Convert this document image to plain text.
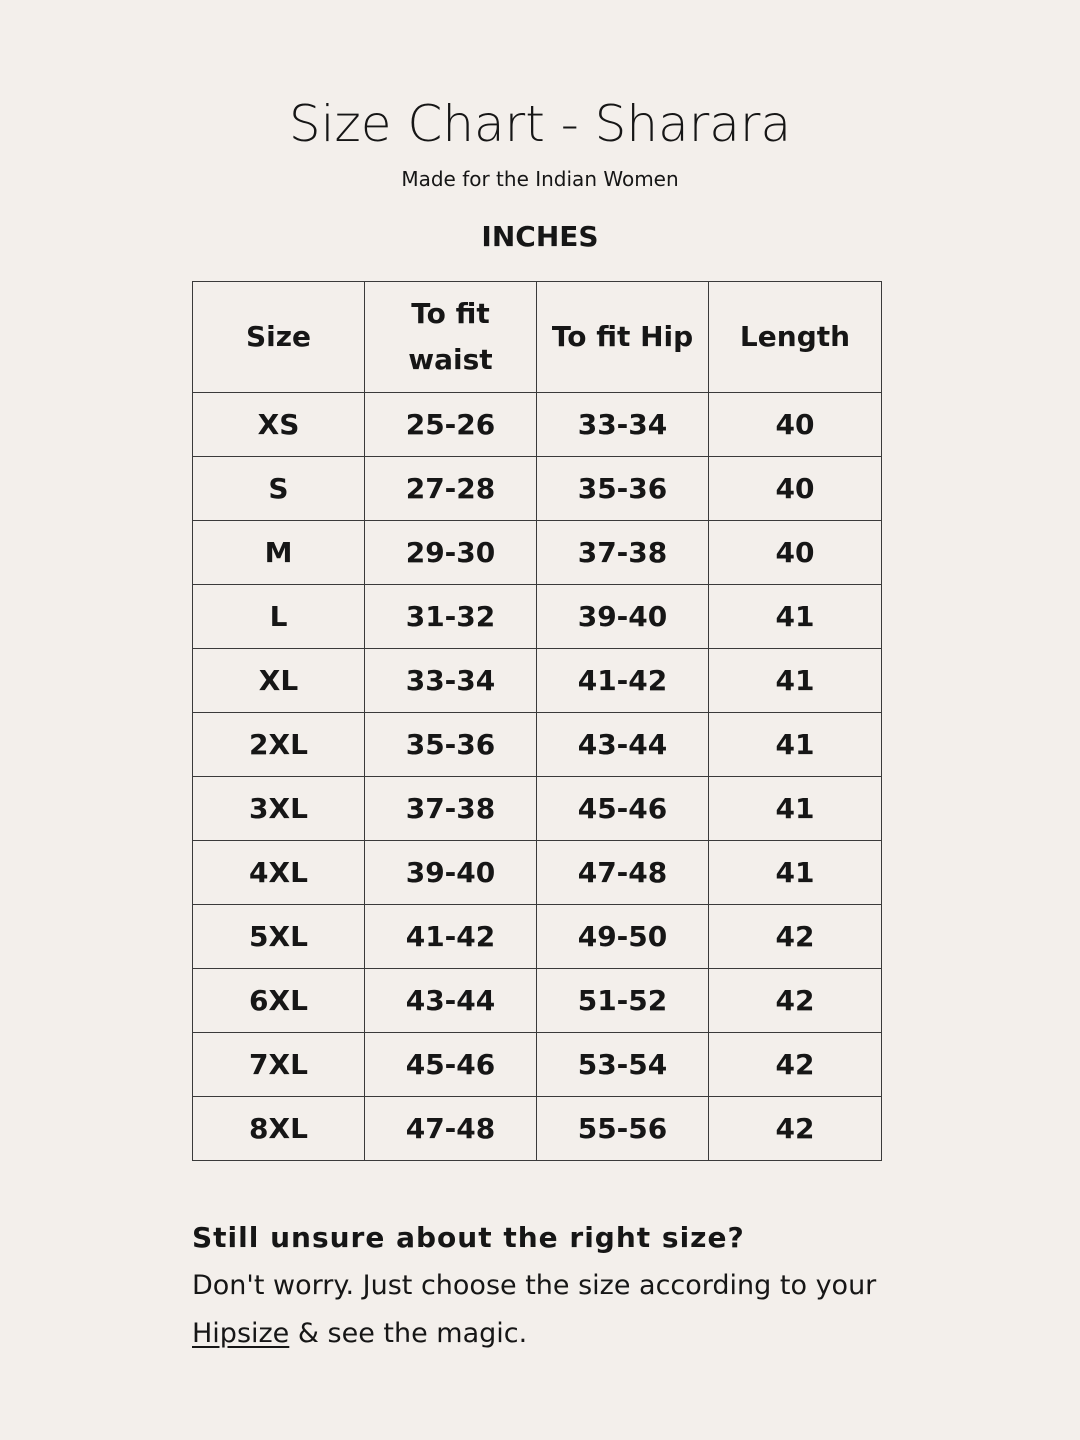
Size Chart - Sharara
Made for the Indian Women
INCHES
Size	To fit waist	To fit Hip	Length
XS	25-26	33-34	40
S	27-28	35-36	40
M	29-30	37-38	40
L	31-32	39-40	41
XL	33-34	41-42	41
2XL	35-36	43-44	41
3XL	37-38	45-46	41
4XL	39-40	47-48	41
5XL	41-42	49-50	42
6XL	43-44	51-52	42
7XL	45-46	53-54	42
8XL	47-48	55-56	42
Still unsure about the right size?
Don't worry. Just choose the size according to your Hipsize & see the magic.
